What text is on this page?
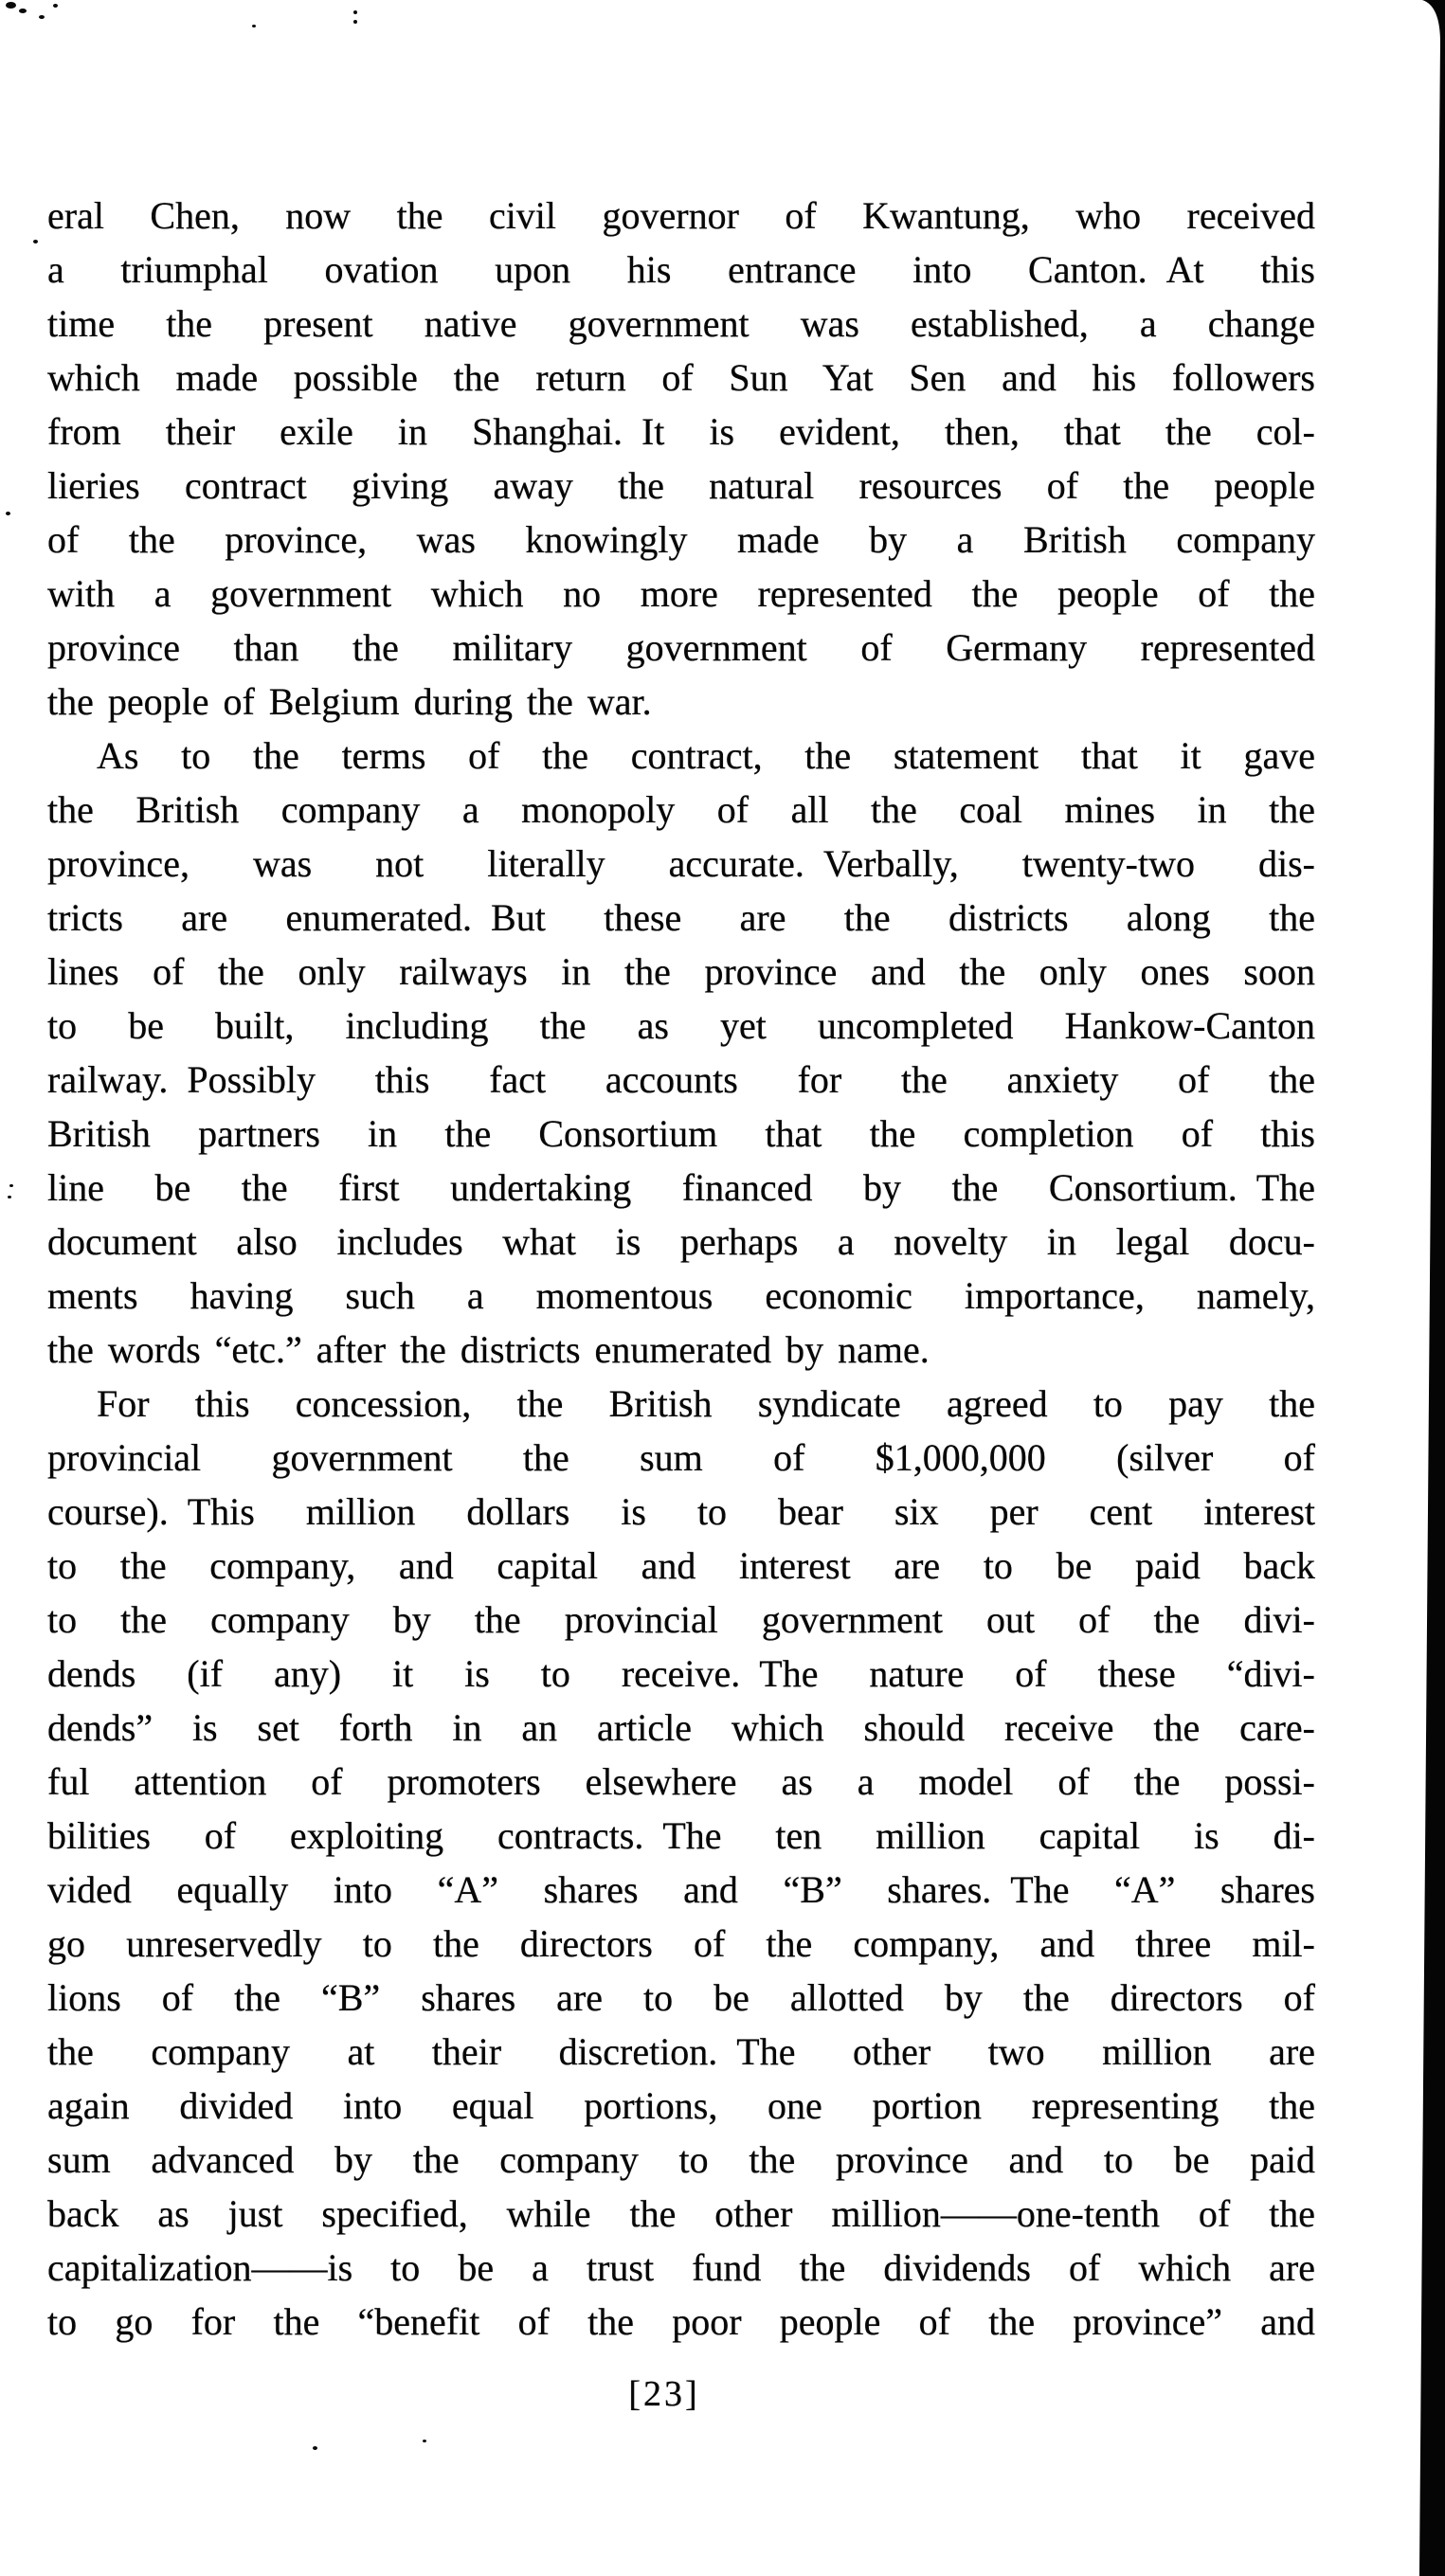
eral Chen, now the civil governor of Kwantung, who received
a triumphal ovation upon his entrance into Canton. At this
time the present native government was established, a change
which made possible the return of Sun Yat Sen and his followers
from their exile in Shanghai. It is evident, then, that the col-
lieries contract giving away the natural resources of the people
of the province, was knowingly made by a British company
with a government which no more represented the people of the
province than the military government of Germany represented
the people of Belgium during the war.
As to the terms of the contract, the statement that it gave
the British company a monopoly of all the coal mines in the
province, was not literally accurate. Verbally, twenty-two dis-
tricts are enumerated. But these are the districts along the
lines of the only railways in the province and the only ones soon
to be built, including the as yet uncompleted Hankow-Canton
railway. Possibly this fact accounts for the anxiety of the
British partners in the Consortium that the completion of this
line be the first undertaking financed by the Consortium. The
document also includes what is perhaps a novelty in legal docu-
ments having such a momentous economic importance, namely,
the words “etc.” after the districts enumerated by name.
For this concession, the British syndicate agreed to pay the
provincial government the sum of $1,000,000 (silver of
course). This million dollars is to bear six per cent interest
to the company, and capital and interest are to be paid back
to the company by the provincial government out of the divi-
dends (if any) it is to receive. The nature of these “divi-
dends” is set forth in an article which should receive the care-
ful attention of promoters elsewhere as a model of the possi-
bilities of exploiting contracts. The ten million capital is di-
vided equally into “A” shares and “B” shares. The “A” shares
go unreservedly to the directors of the company, and three mil-
lions of the “B” shares are to be allotted by the directors of
the company at their discretion. The other two million are
again divided into equal portions, one portion representing the
sum advanced by the company to the province and to be paid
back as just specified, while the other million——one-tenth of the
capitalization——is to be a trust fund the dividends of which are
to go for the “benefit of the poor people of the province” and
[23]
